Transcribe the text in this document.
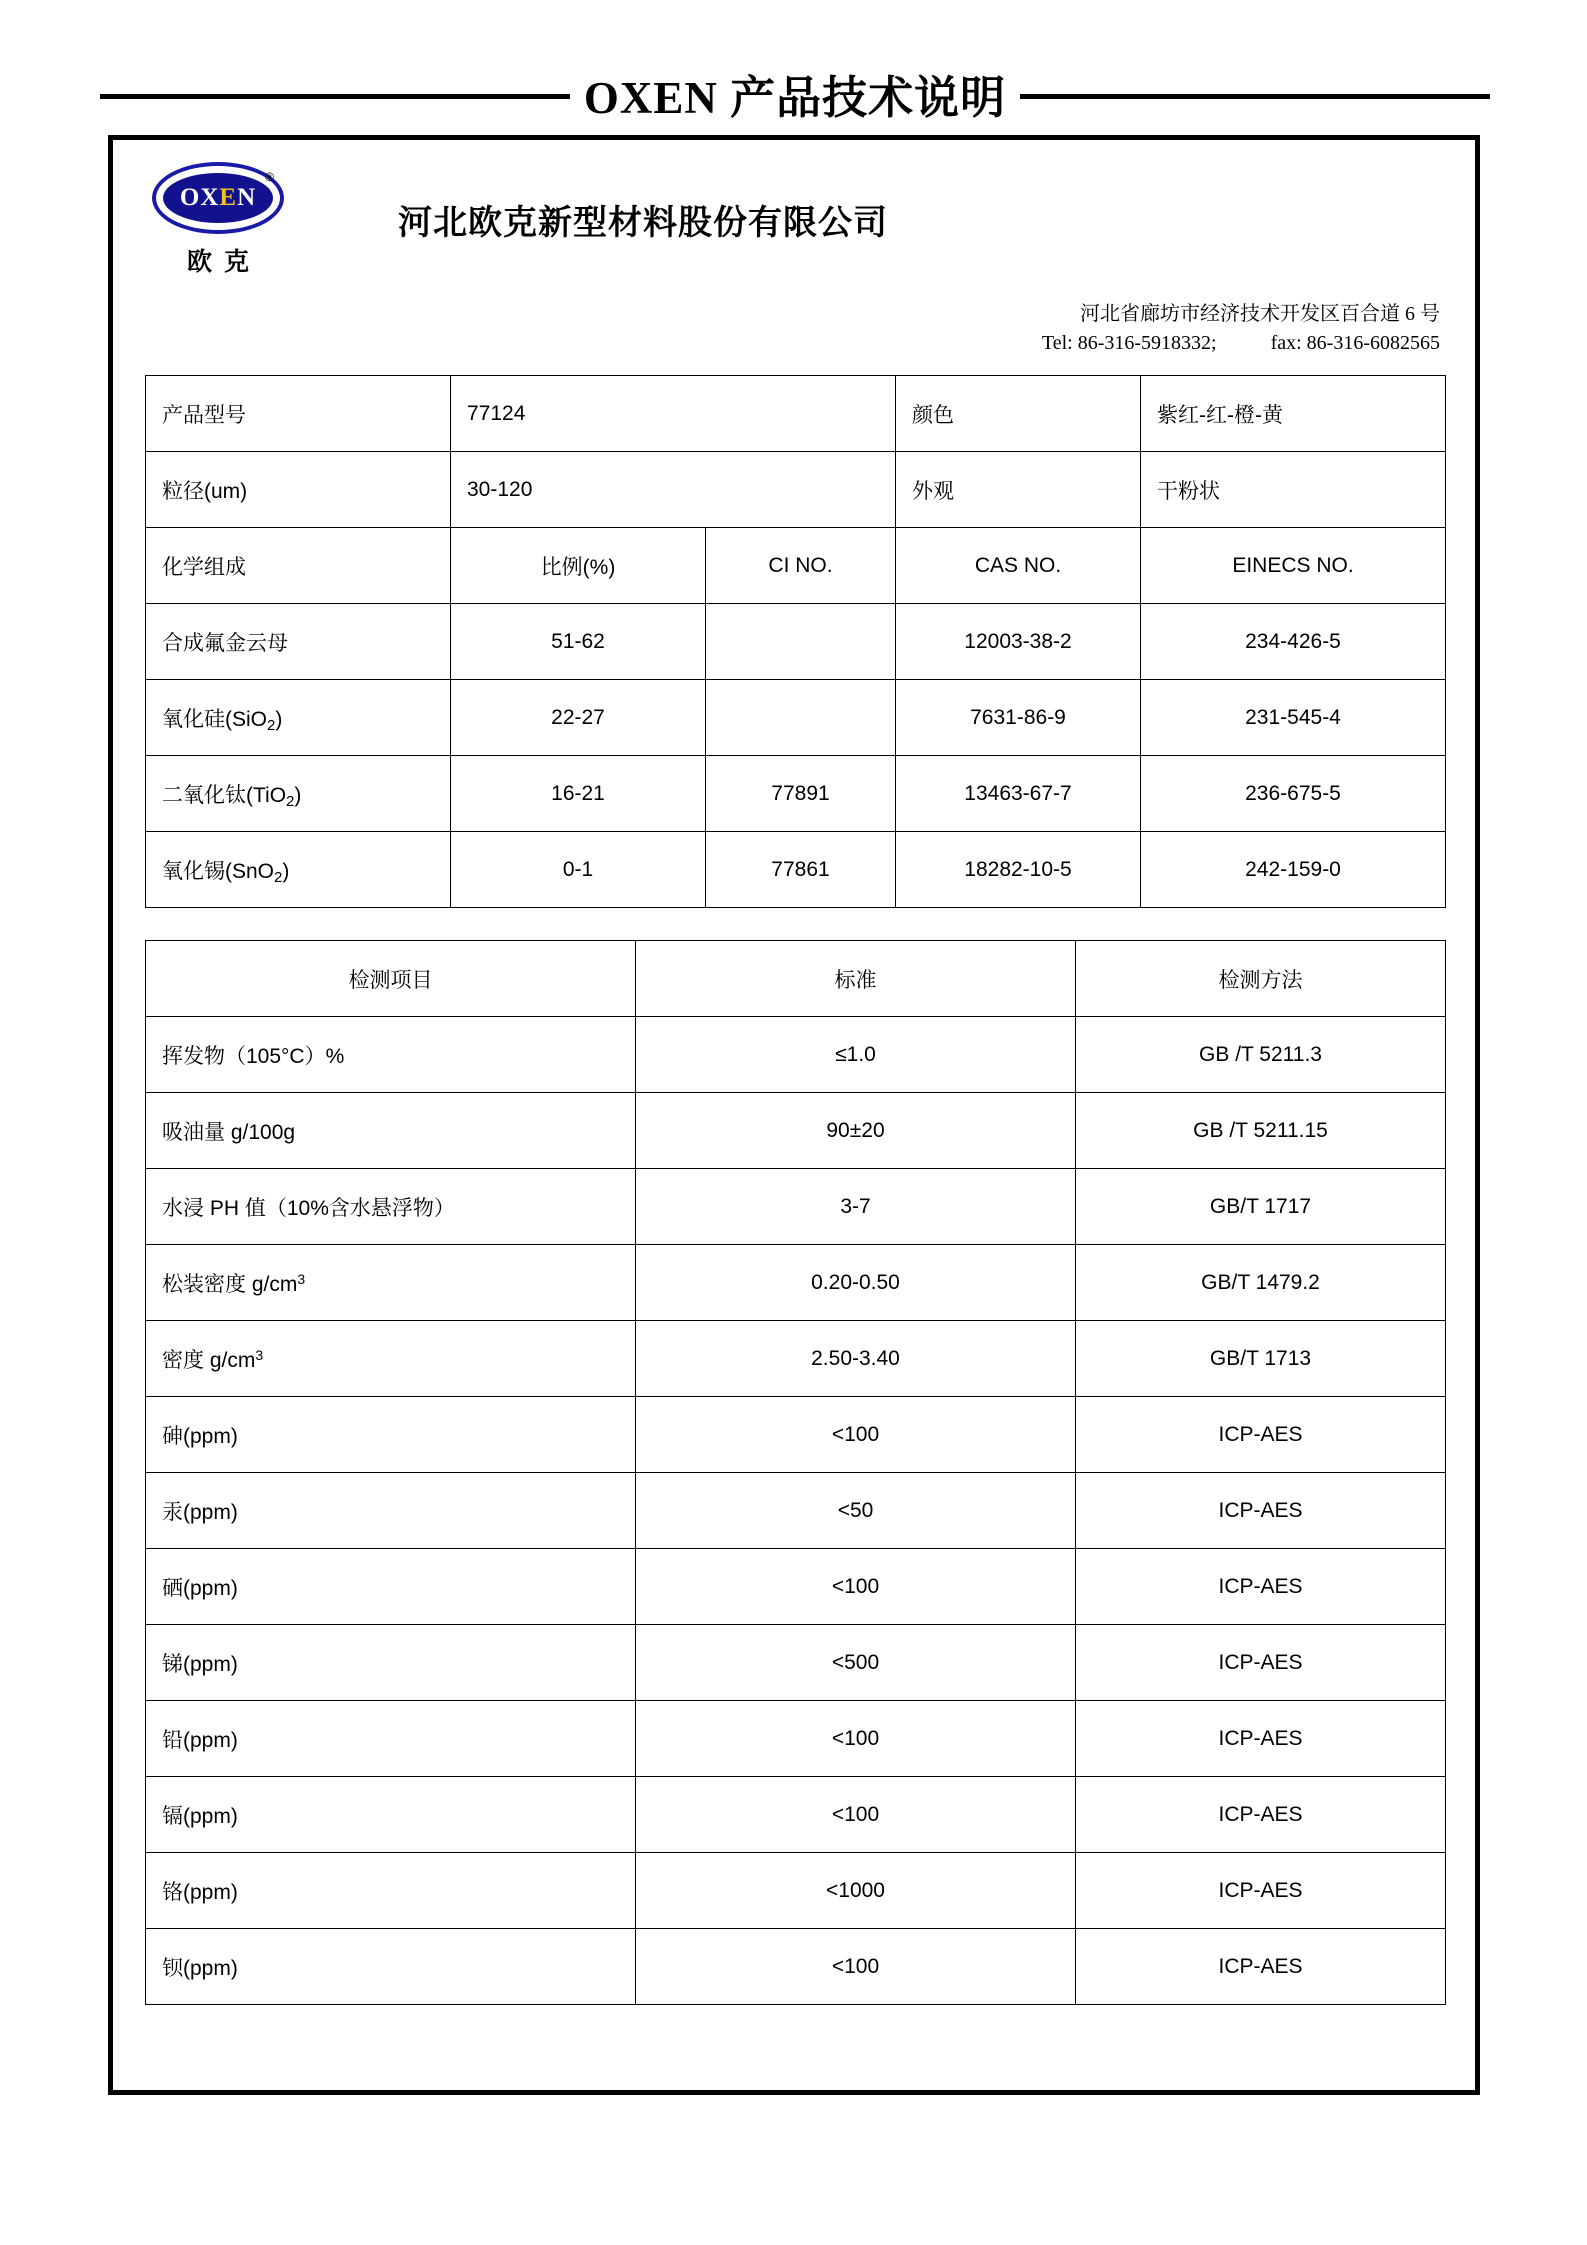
OXEN 产品技术说明
OXEN
®
欧克
河北欧克新型材料股份有限公司
河北省廊坊市经济技术开发区百合道 6 号
Tel: 86-316-5918332;	fax: 86-316-6082565
产品型号	77124		颜色	紫红-红-橙-黄
粒径(um)	30-120		外观	干粉状
化学组成	比例(%)	CI NO.	CAS NO.	EINECS NO.
合成氟金云母	51-62		12003-38-2	234-426-5
氧化硅(SiO$_2$)	22-27		7631-86-9	231-545-4
二氧化钛(TiO$_2$)	16-21	77891	13463-67-7	236-675-5
氧化锡(SnO$_2$)	0-1	77861	18282-10-5	242-159-0
检测项目	标准	检测方法
挥发物（105°C）%	≤1.0	GB /T 5211.3
吸油量 g/100g	90±20	GB /T 5211.15
水浸 PH 值（10%含水悬浮物）	3-7	GB/T 1717
松装密度 $g/cm^3$	0.20-0.50	GB/T 1479.2
密度 $g/cm^3$	2.50-3.40	GB/T 1713
砷(ppm)	<100	ICP-AES
汞(ppm)	<50	ICP-AES
硒(ppm)	<100	ICP-AES
锑(ppm)	<500	ICP-AES
铅(ppm)	<100	ICP-AES
镉(ppm)	<100	ICP-AES
铬(ppm)	<1000	ICP-AES
钡(ppm)	<100	ICP-AES
